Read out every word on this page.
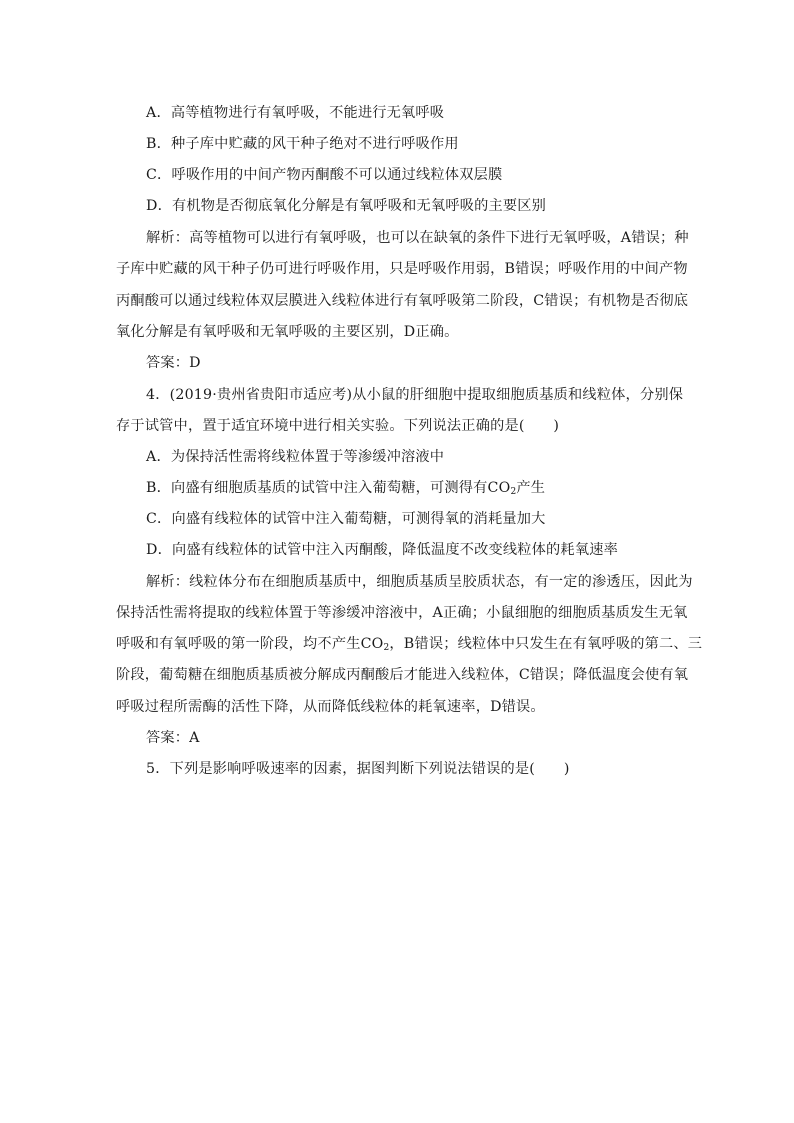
A．高等植物进行有氧呼吸，不能进行无氧呼吸
B．种子库中贮藏的风干种子绝对不进行呼吸作用
C．呼吸作用的中间产物丙酮酸不可以通过线粒体双层膜
D．有机物是否彻底氧化分解是有氧呼吸和无氧呼吸的主要区别
解析：高等植物可以进行有氧呼吸，也可以在缺氧的条件下进行无氧呼吸，A错误；种
子库中贮藏的风干种子仍可进行呼吸作用，只是呼吸作用弱，B错误；呼吸作用的中间产物
丙酮酸可以通过线粒体双层膜进入线粒体进行有氧呼吸第二阶段，C错误；有机物是否彻底
氧化分解是有氧呼吸和无氧呼吸的主要区别，D正确。
答案：D
4．(2019·贵州省贵阳市适应考)从小鼠的肝细胞中提取细胞质基质和线粒体，分别保
存于试管中，置于适宜环境中进行相关实验。下列说法正确的是(　　)
A．为保持活性需将线粒体置于等渗缓冲溶液中
B．向盛有细胞质基质的试管中注入葡萄糖，可测得有$CO_2$产生
C．向盛有线粒体的试管中注入葡萄糖，可测得氧的消耗量加大
D．向盛有线粒体的试管中注入丙酮酸，降低温度不改变线粒体的耗氧速率
解析：线粒体分布在细胞质基质中，细胞质基质呈胶质状态，有一定的渗透压，因此为
保持活性需将提取的线粒体置于等渗缓冲溶液中，A正确；小鼠细胞的细胞质基质发生无氧
呼吸和有氧呼吸的第一阶段，均不产生$CO_2$，B错误；线粒体中只发生在有氧呼吸的第二、三
阶段，葡萄糖在细胞质基质被分解成丙酮酸后才能进入线粒体，C错误；降低温度会使有氧
呼吸过程所需酶的活性下降，从而降低线粒体的耗氧速率，D错误。
答案：A
5．下列是影响呼吸速率的因素，据图判断下列说法错误的是(　　)
